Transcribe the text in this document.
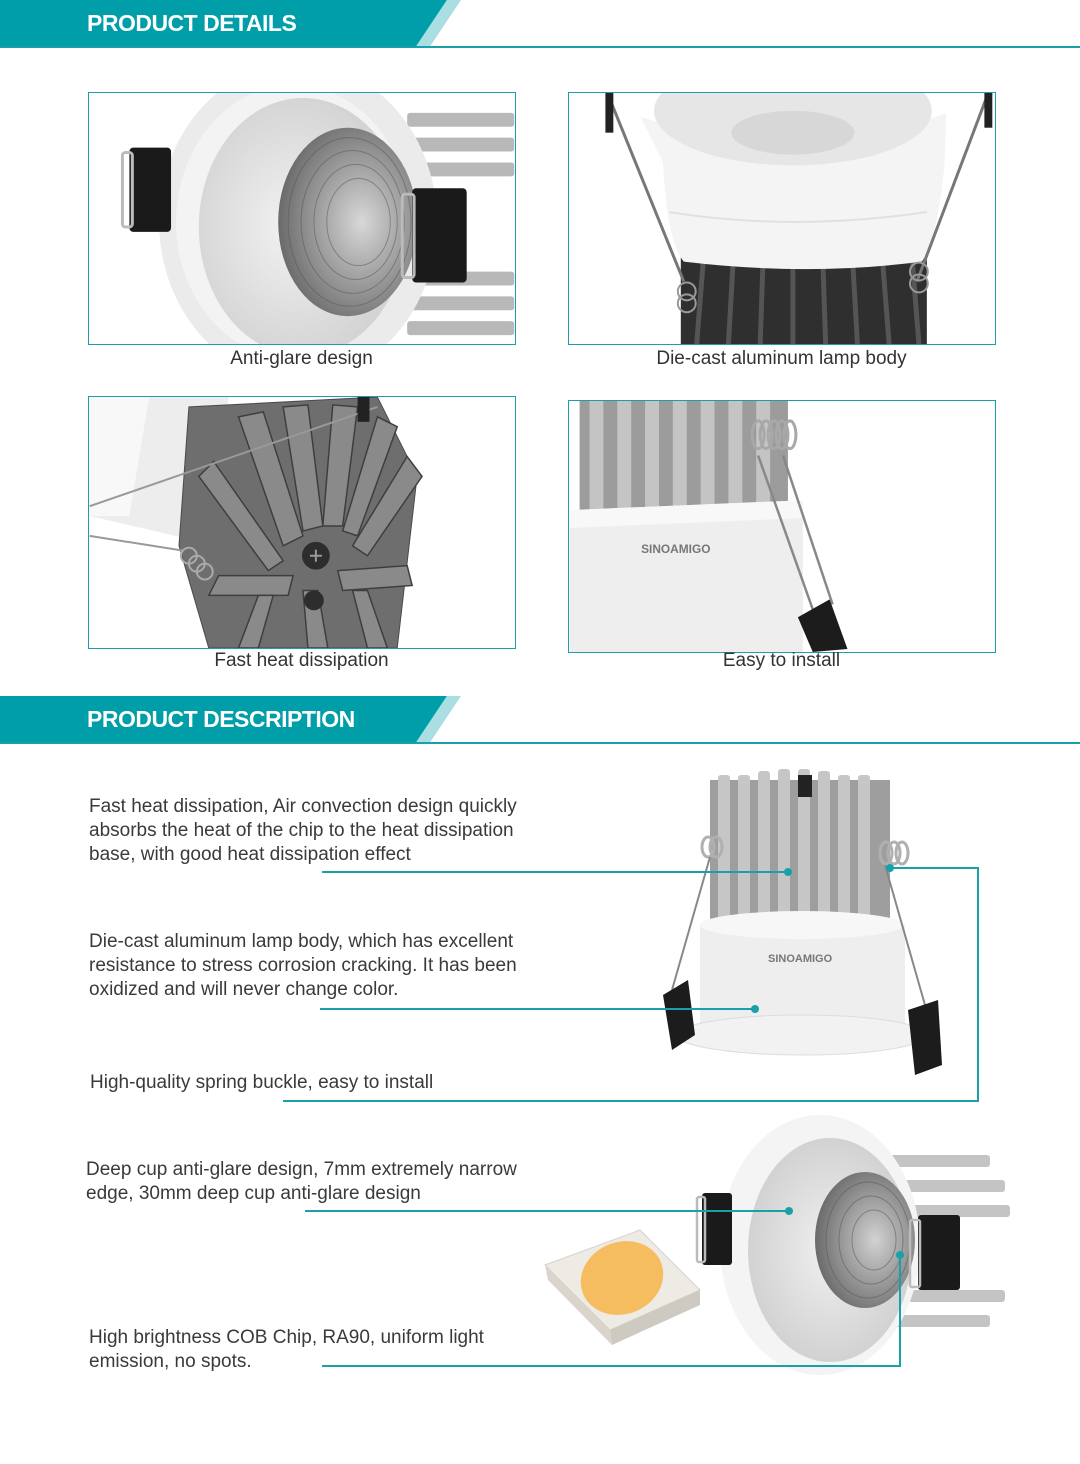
PRODUCT DETAILS
Anti-glare design	Die-cast aluminum lamp body
Fast heat dissipation
SINOAMIGO
Easy to install
PRODUCT DESCRIPTION
SINOAMIGO
Fast heat dissipation, Air convection design quickly
absorbs the heat of the chip to the heat dissipation
base, with good heat dissipation effect
Die-cast aluminum lamp body, which has excellent
resistance to stress corrosion cracking. It has been
oxidized and will never change color.
High-quality spring buckle, easy to install
Deep cup anti-glare design, 7mm extremely narrow
edge, 30mm deep cup anti-glare design
High brightness COB Chip, RA90, uniform light
emission, no spots.
